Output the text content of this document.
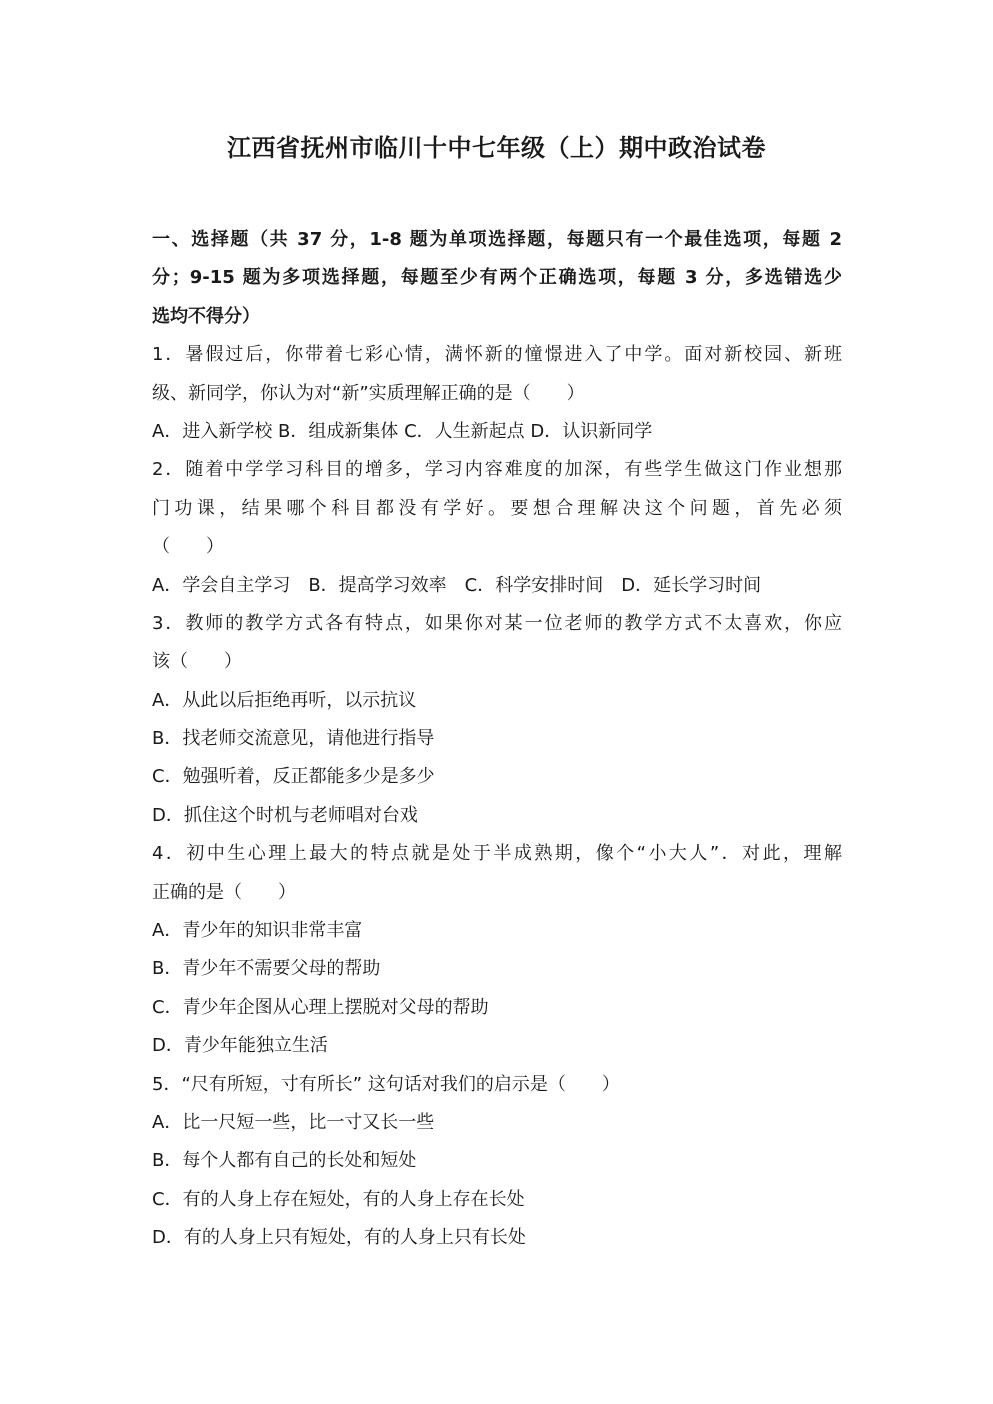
江西省抚州市临川十中七年级（上）期中政治试卷
一、选择题（共 37 分，1-8 题为单项选择题，每题只有一个最佳选项，每题 2
分；9-15 题为多项选择题，每题至少有两个正确选项，每题 3 分，多选错选少
选均不得分）
1．暑假过后，你带着七彩心情，满怀新的憧憬进入了中学。面对新校园、新班
级、新同学，你认为对“新”实质理解正确的是（　　）
A．进入新学校 B．组成新集体 C．人生新起点 D．认识新同学
2．随着中学学习科目的增多，学习内容难度的加深，有些学生做这门作业想那
门功课，结果哪个科目都没有学好。要想合理解决这个问题，首先必须
（　　）
A．学会自主学习　B．提高学习效率　C．科学安排时间　D．延长学习时间
3．教师的教学方式各有特点，如果你对某一位老师的教学方式不太喜欢，你应
该（　　）
A．从此以后拒绝再听，以示抗议
B．找老师交流意见，请他进行指导
C．勉强听着，反正都能多少是多少
D．抓住这个时机与老师唱对台戏
4．初中生心理上最大的特点就是处于半成熟期，像个“小大人”．对此，理解
正确的是（　　）
A．青少年的知识非常丰富
B．青少年不需要父母的帮助
C．青少年企图从心理上摆脱对父母的帮助
D．青少年能独立生活
5．“尺有所短，寸有所长” 这句话对我们的启示是（　　）
A．比一尺短一些，比一寸又长一些
B．每个人都有自己的长处和短处
C．有的人身上存在短处，有的人身上存在长处
D．有的人身上只有短处，有的人身上只有长处
